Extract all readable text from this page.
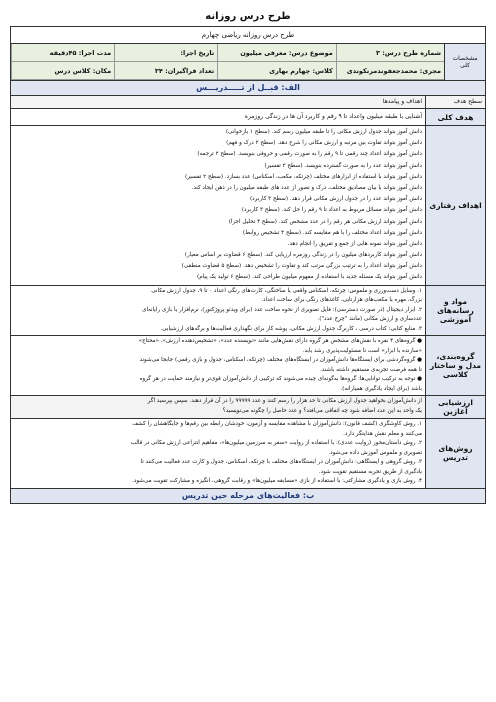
طرح درس روزانه
طرح درس روزانه ریاضی چهارم
مشخصات کلی
شماره طرح درس: ۳
موضوع درس: معرفی میلیون
تاریخ اجرا:
مدت اجرا: ۴۵دقیقه
مجری: محمدجعفوندمرنکوندی
کلاس: چهارم بهاری
تعداد فراگیران: ۳۴
مکان: کلاس درس
الف: قبــل از تـــــدریـــس
سطح هدف
اهداف و پیامدها
هدف کلی
آشنایی با طبقه میلیون واعداد تا ۹ رقم و کاربرد آن ها در زندگی روزمره
اهداف رفتاری
دانش آموز بتواند جدول ارزش مکانی را تا طبقه میلیون رسم کند. (سطح ۱ بازخوانی)
دانش آموز بتواند تفاوت بین مرتبه و ارزش مکانی را شرح دهد. (سطح ۲ درک و فهم)
دانش آموز بتواند اعداد چند رقمی تا ۹ رقم را به صورت رقمی و حروفی بنویسد. (سطح ۲ ترجمه)
دانش آموز بتواند عدد را به صورت گسترده بنویسد. (سطح ۲ تفسیر)
دانش آموز بتواند با استفاده از ابزارهای مختلف (چرتکه، مکعب، اسکناس) عدد بسازد. (سطح ۲ تفسیر)
دانش آموز بتواند با بیان مصادیق مختلف، درک و تصور از عدد های طبقه میلیون را در ذهن ایجاد کند.
دانش آموز بتواند عدد را در جدول ارزش مکانی قرار دهد. (سطح ۳ کاربرد)
دانش آموز بتواند مسائل مربوط به اعداد تا ۹ رقم را حل کند. (سطح ۳ کاربرد)
دانش آموز بتواند ارزش مکانی هر رقم را در عدد مشخص کند. (سطح ۴ تحلیل اجزا)
دانش آموز بتواند اعداد مختلف را با هم مقایسه کند. (سطح ۴ تشخیص روابط)
دانش آموز بتواند نمونه هایی از جمع و تفریق را انجام دهد.
دانش آموز بتواند کاربردهای میلیون را در زندگی روزمره ارزیابی کند. (سطح ۶ قضاوت بر اساس معیار)
دانش آموز بتواند اعداد را به ترتیب بزرگی مرتب کند و تفاوت را تشخیص دهد. (سطح ۵ قضاوت منطقی)
دانش آموز بتواند یک مسئله جدید با استفاده از مفهوم میلیون طراحی کند. (سطح ۶ تولید یک پیام)
مواد و رسانه‌های آموزشی
۱. وسایل دست‌ورزی و ملموس: چرتکه، اسکناس واقعی یا ساختگی، کارت‌های رنگی اعداد ۰ تا ۹، جدول ارزش مکانی
بزرگ، مهره یا مکعب‌های هزارتایی، کاغذهای رنگی برای ساخت اعداد.
۲. ابزار دیجیتال (در صورت دسترسی): فایل تصویری از نحوه ساخت عدد (برای ویدئو پروژکتور)، نرم‌افزار یا بازی رایانه‌ای
عددسازی و ارزش مکانی (مانند "چرخ عدد").
۳. منابع کتابی: کتاب درسی ، کاربرگ جدول ارزش مکانی، پوشه کار برای نگهداری فعالیت‌ها و برگه‌های ارزشیابی.
گروه‌بندی، مدل و ساختار کلاسی
● گروه‌های ۴ نفره با نقش‌های مشخص هر گروه دارای نقش‌هایی مانند «نویسنده عدد»، «تشخیص‌دهنده ارزش»، «محتاج»
«سازنده با ابزار» است تا مسئولیت‌پذیری رشد یابد.
● گروه‌گردشی برای ایستگاه‌ها دانش‌آموزان در ایستگاه‌های مختلف (چرتکه، اسکناس، جدول و بازی رقمی) جابجا می‌شوند
تا همه فرصت تجربه‌ی مستقیم داشته باشند.
● توجه به ترکیب توانایی‌ها: گروه‌ها به‌گونه‌ای چیده می‌شوند که ترکیبی از دانش‌آموزان قوی‌تر و نیازمند حمایت در هر گروه
باشد (برای ایجاد یادگیری همیارانه).
ارزشیابی آغازین
از دانش‌آموزان بخواهید جدول ارزش مکانی تا حد هزار را رسم کنند و عدد ۹۹۹۹۹ را در آن قرار دهند. سپس بپرسید اگر
یک واحد به این عدد اضافه شود چه اتفاقی می‌افتد؟ و عدد حاصل را چگونه می‌نویسید؟
روش‌های تدریس
۱. روش کاوشگری (کشف قانون): دانش‌آموزان با مشاهده مقایسه و آزمون، خودشان رابطه بین رقم‌ها و جایگاهشان را کشف
می‌کنند و معلم نقش هدایتگر دارد.
۲. روش داستان‌محور (روایت عددی): با استفاده از روایت «سفر به سرزمین میلیون‌ها»، مفاهیم انتزاعی ارزش مکانی در قالب
تصویری و ملموس آموزش داده می‌شود.
۳. روش گروهی و ایستگاهی: دانش‌آموزان در ایستگاه‌های مختلف با چرتکه، اسکناس، جدول و کارت عدد فعالیت می‌کنند تا
یادگیری از طریق تجربه مستقیم تقویت شود.
۴. روش بازی و یادگیری مشارکتی: با استفاده از بازی «مسابقه میلیون‌ها» و رقابت گروهی، انگیزه و مشارکت تقویت می‌شود.
ب: فعالیت‌های مرحله حین تدریس
